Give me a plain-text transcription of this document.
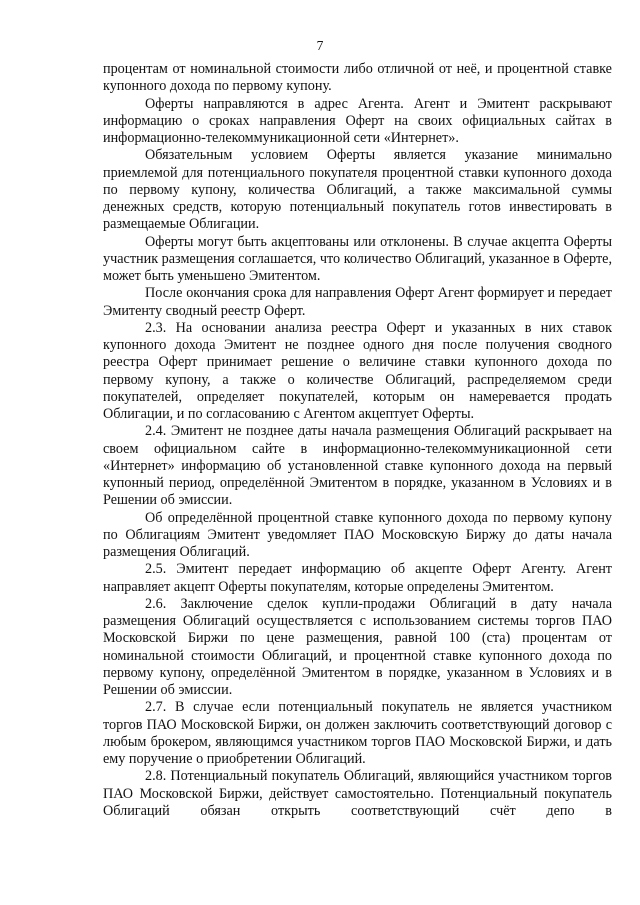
7

процентам от номинальной стоимости либо отличной от неё, и процентной ставке купонного дохода по первому купону.

Оферты направляются в адрес Агента. Агент и Эмитент раскрывают информацию о сроках направления Оферт на своих официальных сайтах в информационно-телекоммуникационной сети «Интернет».

Обязательным условием Оферты является указание минимально приемлемой для потенциального покупателя процентной ставки купонного дохода по первому купону, количества Облигаций, а также максимальной суммы денежных средств, которую потенциальный покупатель готов инвестировать в размещаемые Облигации.

Оферты могут быть акцептованы или отклонены. В случае акцепта Оферты участник размещения соглашается, что количество Облигаций, указанное в Оферте, может быть уменьшено Эмитентом.

После окончания срока для направления Оферт Агент формирует и передает Эмитенту сводный реестр Оферт.

2.3. На основании анализа реестра Оферт и указанных в них ставок купонного дохода Эмитент не позднее одного дня после получения сводного реестра Оферт принимает решение о величине ставки купонного дохода по первому купону, а также о количестве Облигаций, распределяемом среди покупателей, определяет покупателей, которым он намеревается продать Облигации, и по согласованию с Агентом акцептует Оферты.

2.4. Эмитент не позднее даты начала размещения Облигаций раскрывает на своем официальном сайте в информационно-телекоммуникационной сети «Интернет» информацию об установленной ставке купонного дохода на первый купонный период, определённой Эмитентом в порядке, указанном в Условиях и в Решении об эмиссии.

Об определённой процентной ставке купонного дохода по первому купону по Облигациям Эмитент уведомляет ПАО Московскую Биржу до даты начала размещения Облигаций.

2.5. Эмитент передает информацию об акцепте Оферт Агенту. Агент направляет акцепт Оферты покупателям, которые определены Эмитентом.

2.6. Заключение сделок купли-продажи Облигаций в дату начала размещения Облигаций осуществляется с использованием системы торгов ПАО Московской Биржи по цене размещения, равной 100 (ста) процентам от номинальной стоимости Облигаций, и процентной ставке купонного дохода по первому купону, определённой Эмитентом в порядке, указанном в Условиях и в Решении об эмиссии.

2.7. В случае если потенциальный покупатель не является участником торгов ПАО Московской Биржи, он должен заключить соответствующий договор с любым брокером, являющимся участником торгов ПАО Московской Биржи, и дать ему поручение о приобретении Облигаций.

2.8. Потенциальный покупатель Облигаций, являющийся участником торгов ПАО Московской Биржи, действует самостоятельно. Потенциальный покупатель Облигаций обязан открыть соответствующий счёт депо в
